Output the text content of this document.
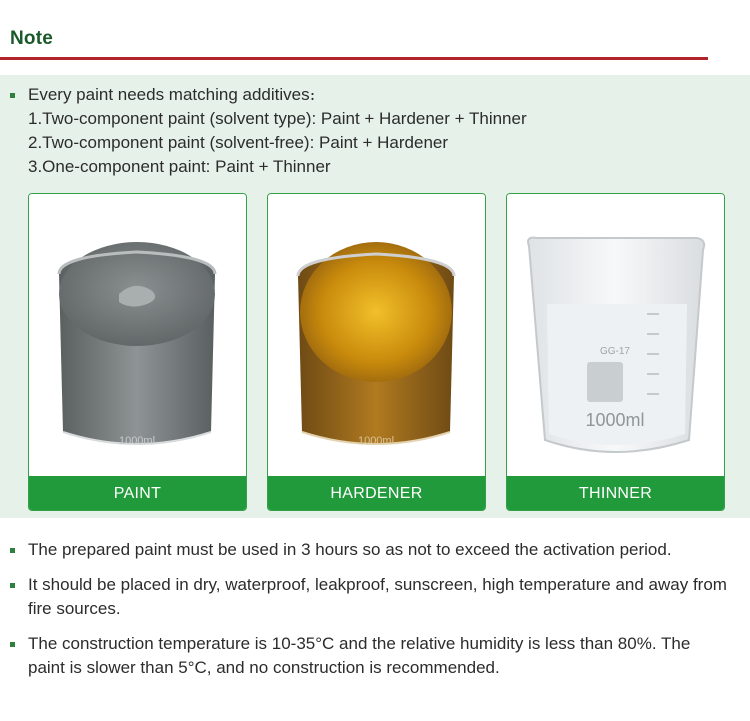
Note
Every paint needs matching additives։
1.Two-component paint (solvent type): Paint + Hardener + Thinner
2.Two-component paint (solvent-free): Paint + Hardener
3.One-component paint: Paint + Thinner
1000ml
PAINT
1000ml
HARDENER
GG-17
1000ml
THINNER
The prepared paint must be used in 3 hours so as not to exceed the activation period.
It should be placed in dry, waterproof, leakproof, sunscreen, high temperature and away from fire sources.
The construction temperature is 10-35°C and the relative humidity is less than 80%. The paint is slower than 5°C, and no construction is recommended.
